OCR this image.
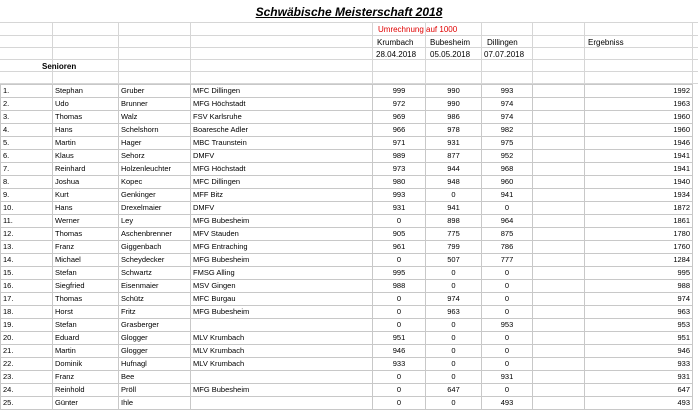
Schwäbische Meisterschaft 2018
Umrechnung auf 1000
Krumbach Bubesheim Dillingen	Ergebniss
28.04.2018 05.05.2018 07.07.2018
Senioren
1.	Stephan	Gruber	MFC Dillingen	999	990	993		1992
2.	Udo	Brunner	MFG Höchstadt	972	990	974		1963
3.	Thomas	Walz	FSV Karlsruhe	969	986	974		1960
4.	Hans	Schelshorn	Boaresche Adler	966	978	982		1960
5.	Martin	Hager	MBC Traunstein	971	931	975		1946
6.	Klaus	Sehorz	DMFV	989	877	952		1941
7.	Reinhard	Holzenleuchter	MFG Höchstadt	973	944	968		1941
8.	Joshua	Kopec	MFC Dillingen	980	948	960		1940
9.	Kurt	Genkinger	MFF Bitz	993	0	941		1934
10.	Hans	Drexelmaier	DMFV	931	941	0		1872
11.	Werner	Ley	MFG Bubesheim	0	898	964		1861
12.	Thomas	Aschenbrenner	MFV Stauden	905	775	875		1780
13.	Franz	Giggenbach	MFG Entraching	961	799	786		1760
14.	Michael	Scheydecker	MFG Bubesheim	0	507	777		1284
15.	Stefan	Schwartz	FMSG Alling	995	0	0		995
16.	Siegfried	Eisenmaier	MSV Gingen	988	0	0		988
17.	Thomas	Schütz	MFC Burgau	0	974	0		974
18.	Horst	Fritz	MFG Bubesheim	0	963	0		963
19.	Stefan	Grasberger		0	0	953		953
20.	Eduard	Glogger	MLV Krumbach	951	0	0		951
21.	Martin	Glogger	MLV Krumbach	946	0	0		946
22.	Dominik	Hufnagl	MLV Krumbach	933	0	0		933
23.	Franz	Bee		0	0	931		931
24.	Reinhold	Pröll	MFG Bubesheim	0	647	0		647
25.	Günter	Ihle		0	0	493		493
